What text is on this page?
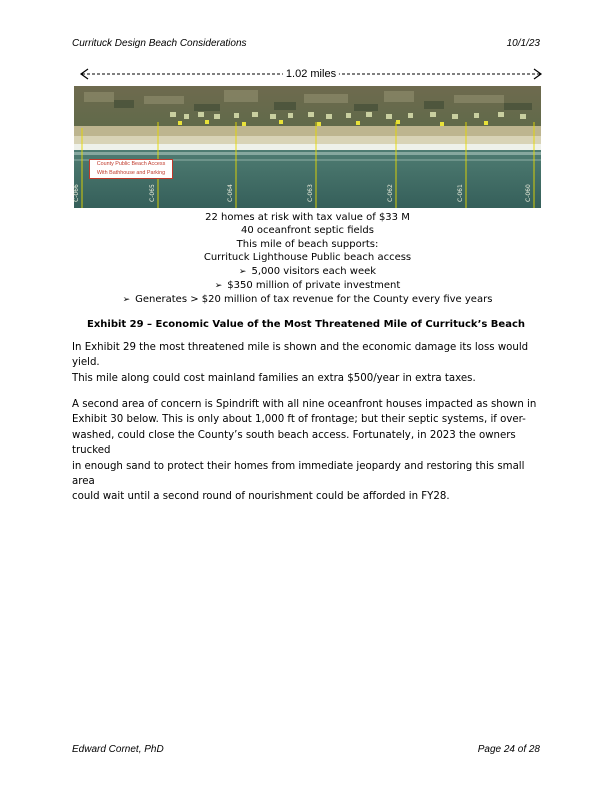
Currituck Design Beach Considerations	10/1/23
1.02 miles
C-066	C-065	C-064	C-063	C-062	C-061	C-060
County Public Beach Access
With Bathhouse and Parking
22 homes at risk with tax value of $33 M
40 oceanfront septic fields
This mile of beach supports:
Currituck Lighthouse Public beach access
➢ 5,000 visitors each week
➢ $350 million of private investment
➢ Generates > $20 million of tax revenue for the County every five years
Exhibit 29 – Economic Value of the Most Threatened Mile of Currituck’s Beach
In Exhibit 29 the most threatened mile is shown and the economic damage its loss would yield.
This mile along could cost mainland families an extra $500/year in extra taxes.
A second area of concern is Spindrift with all nine oceanfront houses impacted as shown in
Exhibit 30 below. This is only about 1,000 ft of frontage; but their septic systems, if over-
washed, could close the County’s south beach access. Fortunately, in 2023 the owners trucked
in enough sand to protect their homes from immediate jeopardy and restoring this small area
could wait until a second round of nourishment could be afforded in FY28.
Edward Cornet, PhD	Page 24 of 28
